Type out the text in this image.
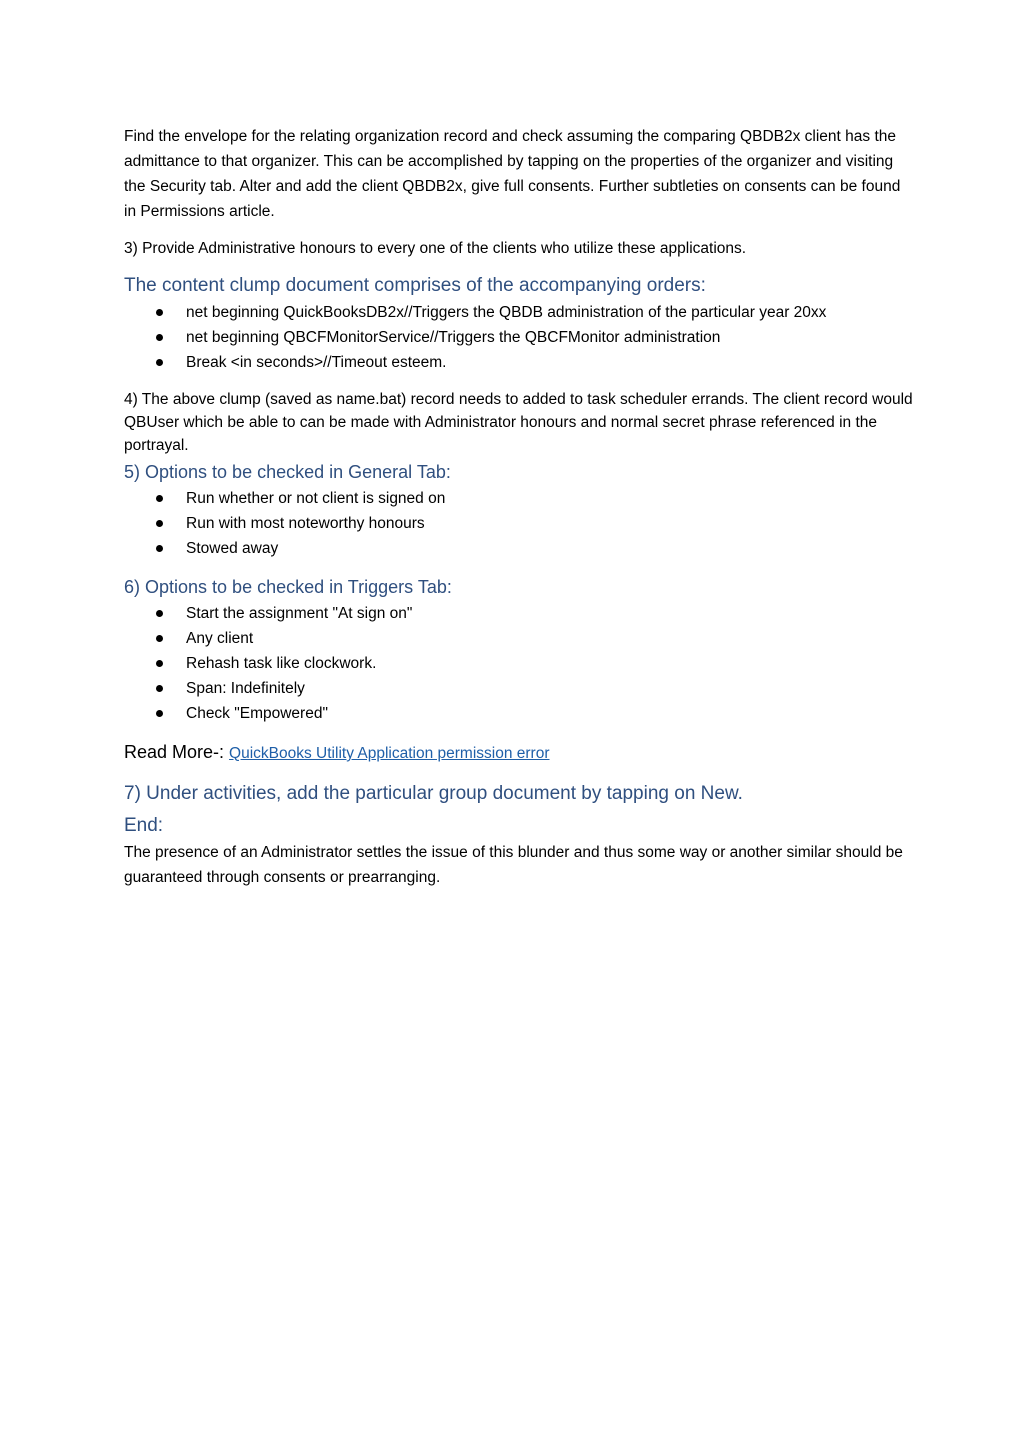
Find the envelope for the relating organization record and check assuming the comparing QBDB2x client has the admittance to that organizer. This can be accomplished by tapping on the properties of the organizer and visiting the Security tab. Alter and add the client QBDB2x, give full consents. Further subtleties on consents can be found in Permissions article.

3) Provide Administrative honours to every one of the clients who utilize these applications.

The content clump document comprises of the accompanying orders:
net beginning QuickBooksDB2x//Triggers the QBDB administration of the particular year 20xx
net beginning QBCFMonitorService//Triggers the QBCFMonitor administration
Break <in seconds>//Timeout esteem.

4) The above clump (saved as name.bat) record needs to added to task scheduler errands. The client record would QBUser which be able to can be made with Administrator honours and normal secret phrase referenced in the portrayal.

5) Options to be checked in General Tab:
Run whether or not client is signed on
Run with most noteworthy honours
Stowed away
6) Options to be checked in Triggers Tab:
Start the assignment "At sign on"
Any client
Rehash task like clockwork.
Span: Indefinitely
Check "Empowered"

Read More-: QuickBooks Utility Application permission error

7) Under activities, add the particular group document by tapping on New.
End:

The presence of an Administrator settles the issue of this blunder and thus some way or another similar should be guaranteed through consents or prearranging.
